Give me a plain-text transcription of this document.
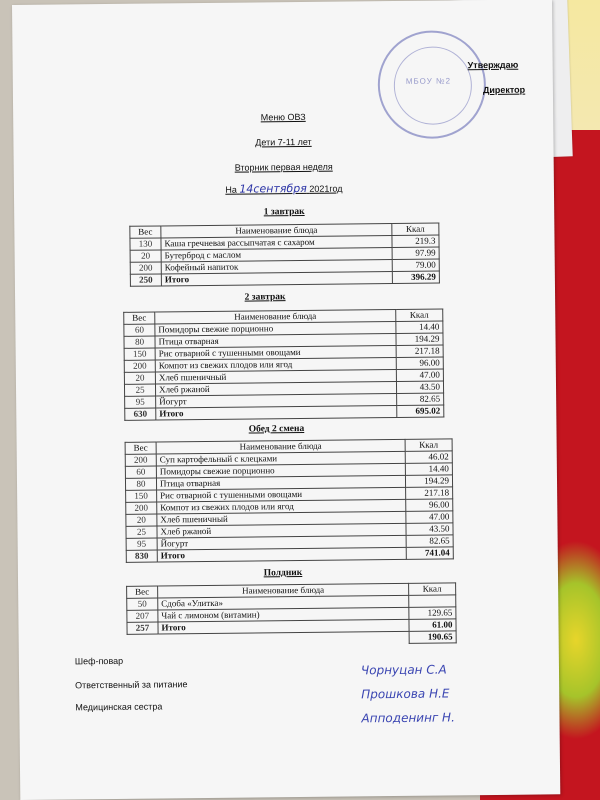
МБОУ №2
Утверждаю
Директор
Меню ОВЗ
Дети 7-11 лет
Вторник первая неделя
На 14сентября 2021год
1 завтрак
Вес	Наименование блюда	Ккал
130	Каша гречневая рассыпчатая с сахаром	219.3
20	Бутерброд с маслом	97.99
200	Кофейный напиток	79.00
250	Итого	396.29
2 завтрак
Вес	Наименование блюда	Ккал
60	Помидоры свежие порционно	14.40
80	Птица отварная	194.29
150	Рис отварной с тушенными овощами	217.18
200	Компот из свежих плодов или ягод	96.00
20	Хлеб пшеничный	47.00
25	Хлеб ржаной	43.50
95	Йогурт	82.65
630	Итого	695.02
Обед 2 смена
Вес	Наименование блюда	Ккал
200	Суп картофельный с клецками	46.02
60	Помидоры свежие порционно	14.40
80	Птица отварная	194.29
150	Рис отварной с тушенными овощами	217.18
200	Компот из свежих плодов или ягод	96.00
20	Хлеб пшеничный	47.00
25	Хлеб ржаной	43.50
95	Йогурт	82.65
830	Итого	741.04
Полдник
Вес	Наименование блюда	Ккал
50	Сдоба «Улитка»	
207	Чай с лимоном (витамин)	129.65
257	Итого	61.00
		190.65
Шеф-повар
Чорнуцан С.А
Ответственный за питание
Прошкова Н.Е
Медицинская сестра
Апподенинг Н.
